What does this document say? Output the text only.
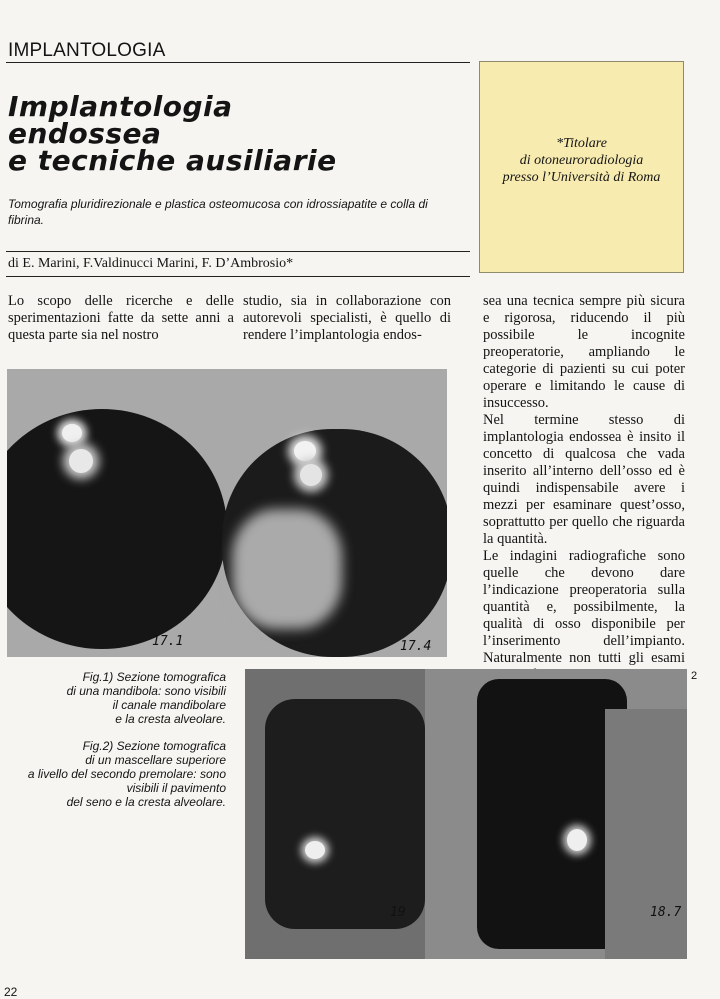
IMPLANTOLOGIA
Implantologia
endossea
e tecniche ausiliarie
Tomografia pluridirezionale e plastica osteomucosa con idrossiapatite e colla di fibrina.
di E. Marini, F.Valdinucci Marini, F. D’Ambrosio*
*Titolare
di otoneuroradiologia
presso l’Università di Roma
Lo scopo delle ricerche e delle sperimentazioni fatte da sette anni a questa parte sia nel nostro
studio, sia in collaborazione con autorevoli specialisti, è quello di rendere l’implantologia endos-
sea una tecnica sempre più sicura e rigorosa, riducendo il più possibile le incognite preoperatorie, ampliando le categorie di pazienti su cui poter operare e limitando le cause di insuccesso.
Nel termine stesso di implantologia endossea è insito il concetto di qualcosa che vada inserito all’interno dell’osso ed è quindi indispensabile avere i mezzi per esaminare quest’osso, soprattutto per quello che riguarda la quantità.
Le indagini radiografiche sono quelle che devono dare l’indicazione preoperatoria sulla quantità e, possibilmente, la qualità di osso disponibile per l’inserimento dell’impianto. Naturalmente non tutti gli esami
17.1	17.4
Fig.1) Sezione tomografica
di una mandibola: sono visibili
il canale mandibolare
e la cresta alveolare.
Fig.2) Sezione tomografica
di un mascellare superiore
a livello del secondo premolare: sono
visibili il pavimento
del seno e la cresta alveolare.
19	18.7
2
22
